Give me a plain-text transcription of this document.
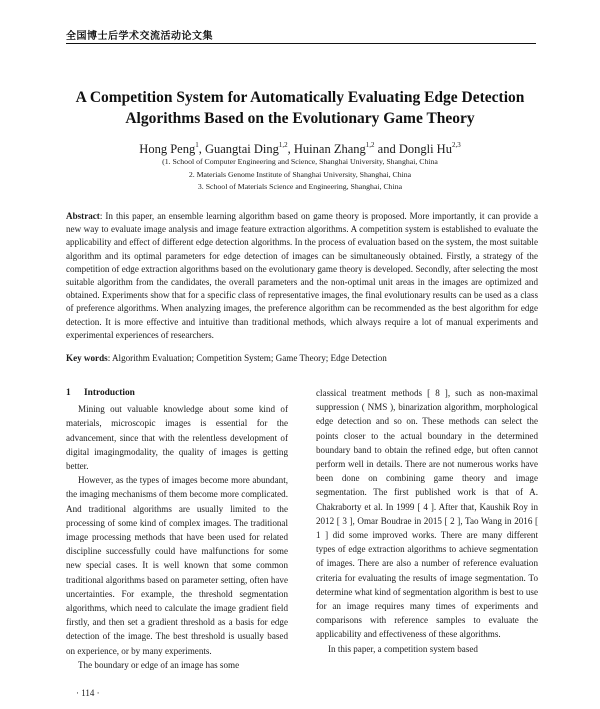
全国博士后学术交流活动论文集
A Competition System for Automatically Evaluating Edge Detection
Algorithms Based on the Evolutionary Game Theory
Hong Peng$^1$, Guangtai Ding$^{1,2}$, Huinan Zhang$^{1,2}$ and Dongli Hu$^{2,3}$
(1. School of Computer Engineering and Science, Shanghai University, Shanghai, China
2. Materials Genome Institute of Shanghai University, Shanghai, China
3. School of Materials Science and Engineering, Shanghai, China
Abstract: In this paper, an ensemble learning algorithm based on game theory is proposed. More importantly, it can provide a new way to evaluate image analysis and image feature extraction algorithms. A competition system is established to evaluate the applicability and effect of different edge detection algorithms. In the process of evaluation based on the system, the most suitable algorithm and its optimal parameters for edge detection of images can be simultaneously obtained. Firstly, a strategy of the competition of edge extraction algorithms based on the evolutionary game theory is developed. Secondly, after selecting the most suitable algorithm from the candidates, the overall parameters and the non-optimal unit areas in the images are optimized and obtained. Experiments show that for a specific class of representative images, the final evolutionary results can be used as a class of preference algorithms. When analyzing images, the preference algorithm can be recommended as the best algorithm for edge detection. It is more effective and intuitive than traditional methods, which always require a lot of manual experiments and experimental experiences of researchers.
Key words: Algorithm Evaluation; Competition System; Game Theory; Edge Detection
1 Introduction

Mining out valuable knowledge about some kind of materials, microscopic images is essential for the advancement, since that with the relentless development of digital imagingmodality, the quality of images is getting better.

However, as the types of images become more abundant, the imaging mechanisms of them become more complicated. And traditional algorithms are usually limited to the processing of some kind of complex images. The traditional image processing methods that have been used for related discipline successfully could have malfunctions for some new special cases. It is well known that some common traditional algorithms based on parameter setting, often have uncertainties. For example, the threshold segmentation algorithms, which need to calculate the image gradient field firstly, and then set a gradient threshold as a basis for edge detection of the image. The best threshold is usually based on experience, or by many experiments.

The boundary or edge of an image has some

classical treatment methods [ 8 ], such as non-maximal suppression ( NMS ), binarization algorithm, morphological edge detection and so on. These methods can select the points closer to the actual boundary in the determined boundary band to obtain the refined edge, but often cannot perform well in details. There are not numerous works have been done on combining game theory and image segmentation. The first published work is that of A. Chakraborty et al. In 1999 [ 4 ]. After that, Kaushik Roy in 2012 [ 3 ], Omar Boudrae in 2015 [ 2 ], Tao Wang in 2016 [ 1 ] did some improved works. There are many different types of edge extraction algorithms to achieve segmentation of images. There are also a number of reference evaluation criteria for evaluating the results of image segmentation. To determine what kind of segmentation algorithm is best to use for an image requires many times of experiments and comparisons with reference samples to evaluate the applicability and effectiveness of these algorithms.

In this paper, a competition system based

· 114 ·
